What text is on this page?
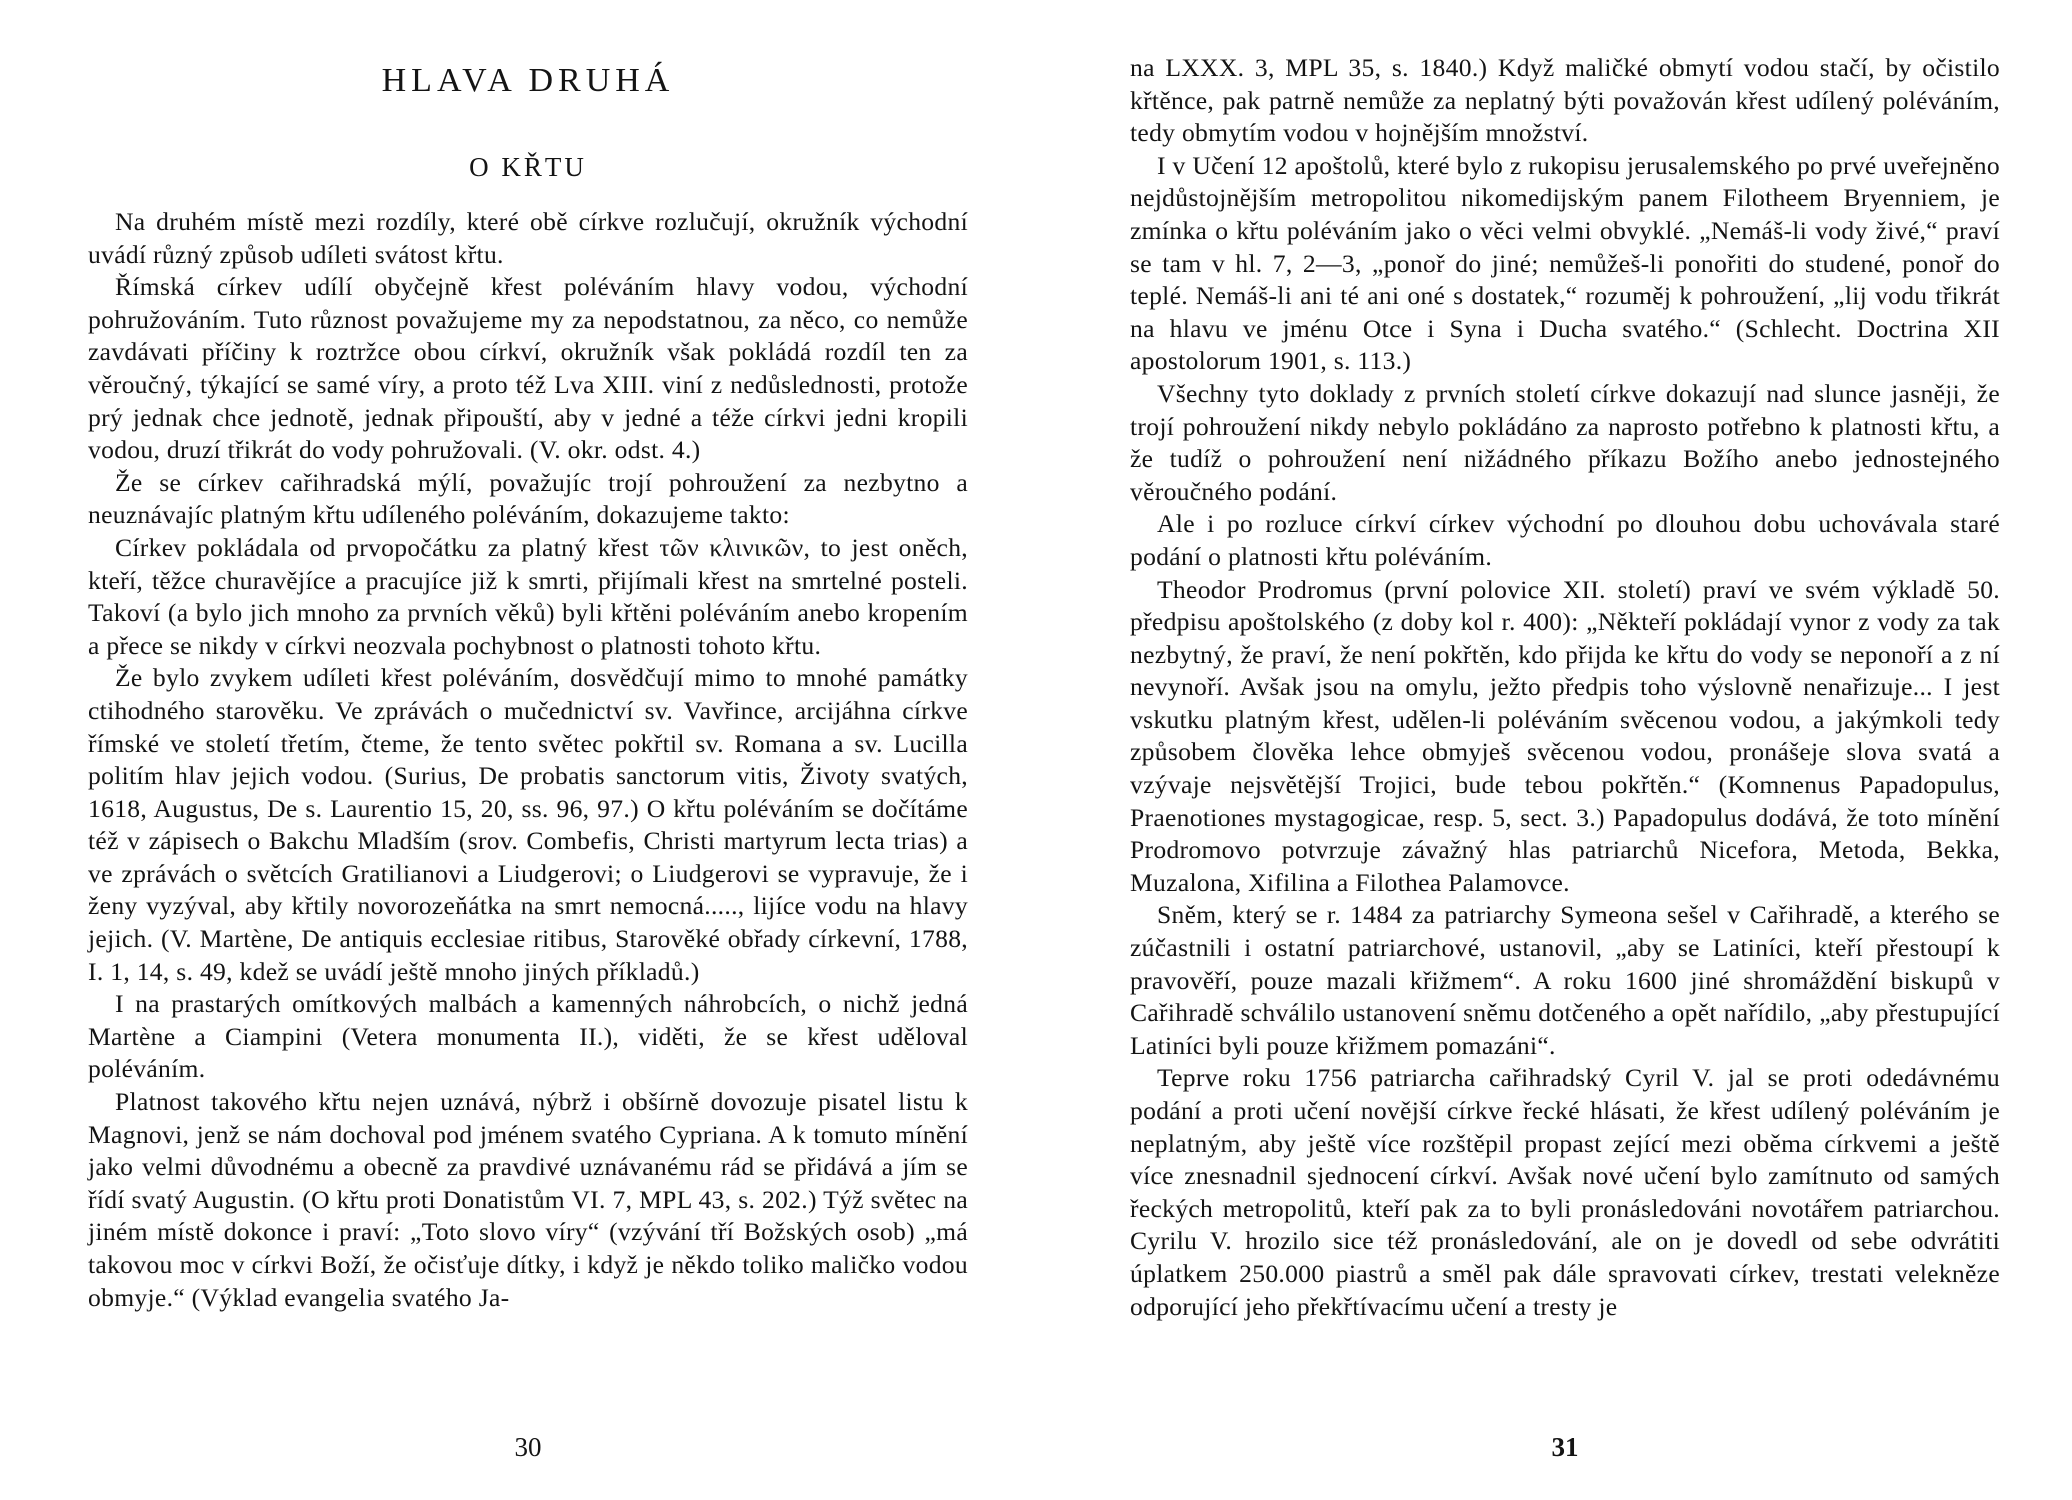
HLAVA DRUHÁ
O KŘTU

Na druhém místě mezi rozdíly, které obě církve rozlučují, okružník východní uvádí různý způsob udíleti svátost křtu.

Římská církev udílí obyčejně křest poléváním hlavy vodou, východní pohružováním. Tuto různost považujeme my za nepodstatnou, za něco, co nemůže zavdávati příčiny k roztržce obou církví, okružník však pokládá rozdíl ten za věroučný, týkající se samé víry, a proto též Lva XIII. viní z nedůslednosti, protože prý jednak chce jednotě, jednak připouští, aby v jedné a téže církvi jedni kropili vodou, druzí třikrát do vody pohružovali. (V. okr. odst. 4.)

Že se církev cařihradská mýlí, považujíc trojí pohroužení za nezbytno a neuznávajíc platným křtu udíleného poléváním, dokazujeme takto:

Církev pokládala od prvopočátku za platný křest τῶν κλινικῶν, to jest oněch, kteří, těžce churavějíce a pracujíce již k smrti, přijímali křest na smrtelné posteli. Takoví (a bylo jich mnoho za prvních věků) byli křtěni poléváním anebo kropením a přece se nikdy v církvi neozvala pochybnost o platnosti tohoto křtu.

Že bylo zvykem udíleti křest poléváním, dosvědčují mimo to mnohé památky ctihodného starověku. Ve zprávách o mučednictví sv. Vavřince, arcijáhna církve římské ve století třetím, čteme, že tento světec pokřtil sv. Romana a sv. Lucilla politím hlav jejich vodou. (Surius, De probatis sanctorum vitis, Životy svatých, 1618, Augustus, De s. Laurentio 15, 20, ss. 96, 97.) O křtu poléváním se dočítáme též v zápisech o Bakchu Mladším (srov. Combefis, Christi martyrum lecta trias) a ve zprávách o světcích Gratilianovi a Liudgerovi; o Liudgerovi se vypravuje, že i ženy vyzýval, aby křtily novorozeňátka na smrt nemocná....., lijíce vodu na hlavy jejich. (V. Martène, De antiquis ecclesiae ritibus, Starověké obřady církevní, 1788, I. 1, 14, s. 49, kdež se uvádí ještě mnoho jiných příkladů.)

I na prastarých omítkových malbách a kamenných náhrobcích, o nichž jedná Martène a Ciampini (Vetera monumenta II.), viděti, že se křest uděloval poléváním.

Platnost takového křtu nejen uznává, nýbrž i obšírně dovozuje pisatel listu k Magnovi, jenž se nám dochoval pod jménem svatého Cypriana. A k tomuto mínění jako velmi důvodnému a obecně za pravdivé uznávanému rád se přidává a jím se řídí svatý Augustin. (O křtu proti Donatistům VI. 7, MPL 43, s. 202.) Týž světec na jiném místě dokonce i praví: „Toto slovo víry“ (vzývání tří Božských osob) „má takovou moc v církvi Boží, že očisťuje dítky, i když je někdo toliko maličko vodou obmyje.“ (Výklad evangelia svatého Ja-

30

na LXXX. 3, MPL 35, s. 1840.) Když maličké obmytí vodou stačí, by očistilo křtěnce, pak patrně nemůže za neplatný býti považován křest udílený poléváním, tedy obmytím vodou v hojnějším množství.

I v Učení 12 apoštolů, které bylo z rukopisu jerusalemského po prvé uveřejněno nejdůstojnějším metropolitou nikomedijským panem Filotheem Bryenniem, je zmínka o křtu poléváním jako o věci velmi obvyklé. „Nemáš-li vody živé,“ praví se tam v hl. 7, 2—3, „ponoř do jiné; nemůžeš-li ponořiti do studené, ponoř do teplé. Nemáš-li ani té ani oné s dostatek,“ rozuměj k pohroužení, „lij vodu třikrát na hlavu ve jménu Otce i Syna i Ducha svatého.“ (Schlecht. Doctrina XII apostolorum 1901, s. 113.)

Všechny tyto doklady z prvních století církve dokazují nad slunce jasněji, že trojí pohroužení nikdy nebylo pokládáno za naprosto potřebno k platnosti křtu, a že tudíž o pohroužení není nižádného příkazu Božího anebo jednostejného věroučného podání.

Ale i po rozluce církví církev východní po dlouhou dobu uchovávala staré podání o platnosti křtu poléváním.

Theodor Prodromus (první polovice XII. století) praví ve svém výkladě 50. předpisu apoštolského (z doby kol r. 400): „Někteří pokládají vynor z vody za tak nezbytný, že praví, že není pokřtěn, kdo přijda ke křtu do vody se neponoří a z ní nevynoří. Avšak jsou na omylu, ježto předpis toho výslovně nenařizuje... I jest vskutku platným křest, udělen-li poléváním svěcenou vodou, a jakýmkoli tedy způsobem člověka lehce obmyješ svěcenou vodou, pronášeje slova svatá a vzývaje nejsvětější Trojici, bude tebou pokřtěn.“ (Komnenus Papadopulus, Praenotiones mystagogicae, resp. 5, sect. 3.) Papadopulus dodává, že toto mínění Prodromovo potvrzuje závažný hlas patriarchů Nicefora, Metoda, Bekka, Muzalona, Xifilina a Filothea Palamovce.

Sněm, který se r. 1484 za patriarchy Symeona sešel v Cařihradě, a kterého se zúčastnili i ostatní patriarchové, ustanovil, „aby se Latiníci, kteří přestoupí k pravověří, pouze mazali křižmem“. A roku 1600 jiné shromáždění biskupů v Cařihradě schválilo ustanovení sněmu dotčeného a opět nařídilo, „aby přestupující Latiníci byli pouze křižmem pomazáni“.

Teprve roku 1756 patriarcha cařihradský Cyril V. jal se proti odedávnému podání a proti učení novější církve řecké hlásati, že křest udílený poléváním je neplatným, aby ještě více rozštěpil propast zející mezi oběma církvemi a ještě více znesnadnil sjednocení církví. Avšak nové učení bylo zamítnuto od samých řeckých metropolitů, kteří pak za to byli pronásledováni novotářem patriarchou. Cyrilu V. hrozilo sice též pronásledování, ale on je dovedl od sebe odvrátiti úplatkem 250.000 piastrů a směl pak dále spravovati církev, trestati velekněze odporující jeho překřtívacímu učení a tresty je

31
